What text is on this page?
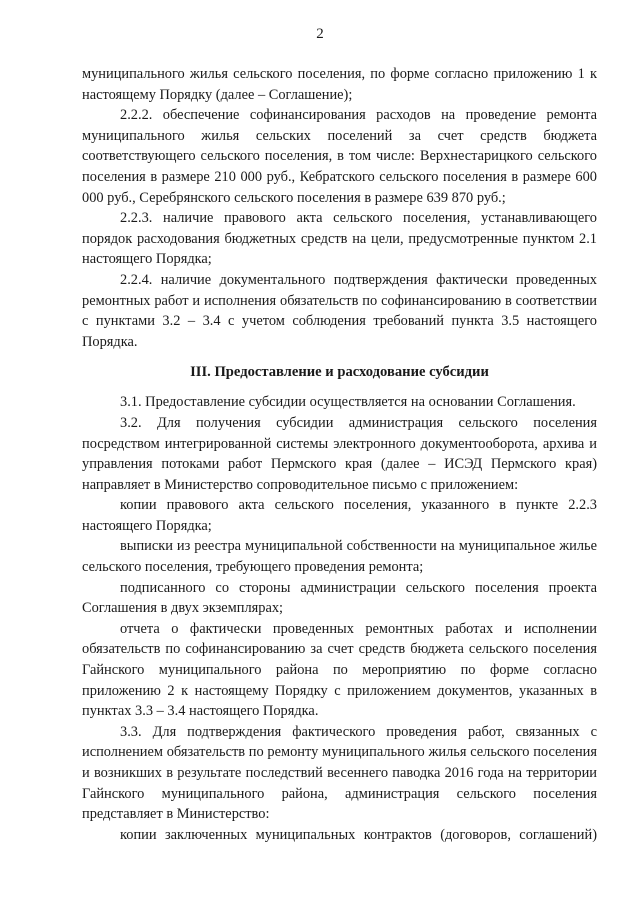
2

муниципального жилья сельского поселения, по форме согласно приложению 1 к настоящему Порядку (далее – Соглашение);

2.2.2. обеспечение софинансирования расходов на проведение ремонта муниципального жилья сельских поселений за счет средств бюджета соответствующего сельского поселения, в том числе: Верхнестарицкого сельского поселения в размере 210 000 руб., Кебратского сельского поселения в размере 600 000 руб., Серебрянского сельского поселения в размере 639 870 руб.;

2.2.3. наличие правового акта сельского поселения, устанавливающего порядок расходования бюджетных средств на цели, предусмотренные пунктом 2.1 настоящего Порядка;

2.2.4. наличие документального подтверждения фактически проведенных ремонтных работ и исполнения обязательств по софинансированию в соответствии с пунктами 3.2 – 3.4 с учетом соблюдения требований пункта 3.5 настоящего Порядка.

III. Предоставление и расходование субсидии

3.1. Предоставление субсидии осуществляется на основании Соглашения.

3.2. Для получения субсидии администрация сельского поселения посредством интегрированной системы электронного документооборота, архива и управления потоками работ Пермского края (далее – ИСЭД Пермского края) направляет в Министерство сопроводительное письмо с приложением:

копии правового акта сельского поселения, указанного в пункте 2.2.3 настоящего Порядка;

выписки из реестра муниципальной собственности на муниципальное жилье сельского поселения, требующего проведения ремонта;

подписанного со стороны администрации сельского поселения проекта Соглашения в двух экземплярах;

отчета о фактически проведенных ремонтных работах и исполнении обязательств по софинансированию за счет средств бюджета сельского поселения Гайнского муниципального района по мероприятию по форме согласно приложению 2 к настоящему Порядку с приложением документов, указанных в пунктах 3.3 – 3.4 настоящего Порядка.

3.3. Для подтверждения фактического проведения работ, связанных с исполнением обязательств по ремонту муниципального жилья сельского поселения и возникших в результате последствий весеннего паводка 2016 года на территории Гайнского муниципального района, администрация сельского поселения представляет в Министерство:

копии заключенных муниципальных контрактов (договоров, соглашений)
